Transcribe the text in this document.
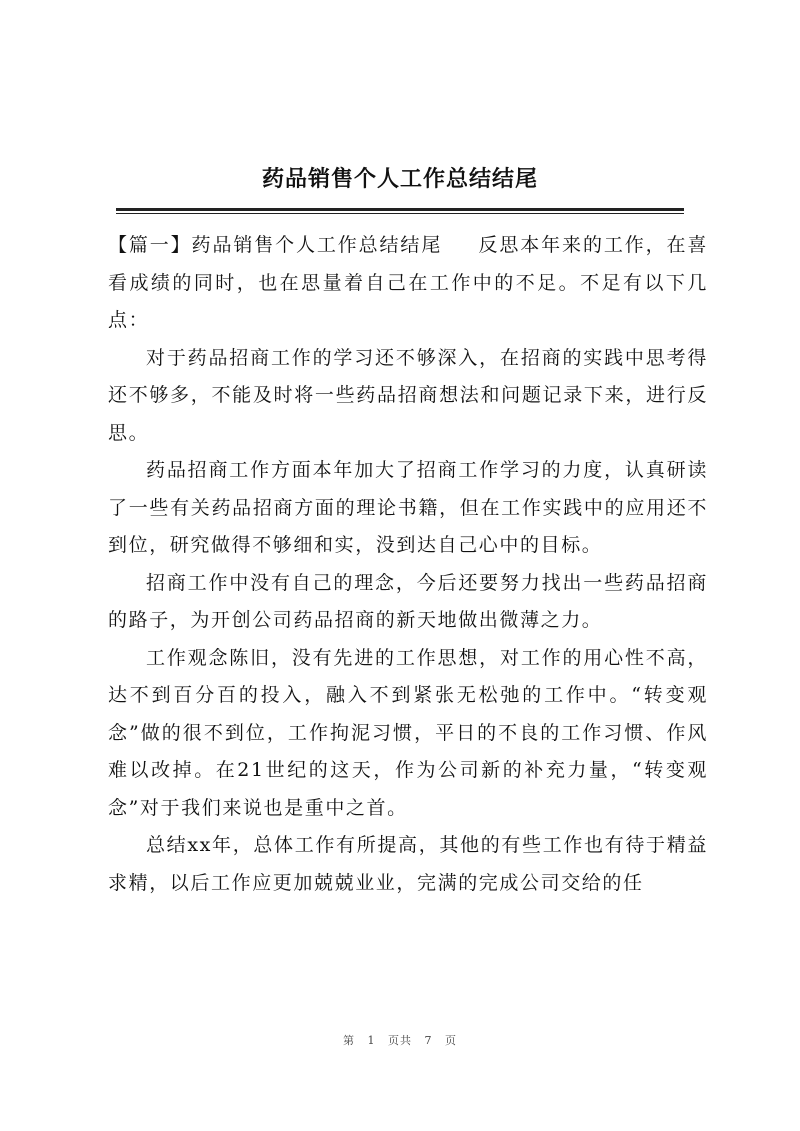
药品销售个人工作总结结尾

【篇一】药品销售个人工作总结结尾 反思本年来的工作，在喜看成绩的同时，也在思量着自己在工作中的不足。不足有以下几点：

对于药品招商工作的学习还不够深入，在招商的实践中思考得还不够多，不能及时将一些药品招商想法和问题记录下来，进行反思。

药品招商工作方面本年加大了招商工作学习的力度，认真研读了一些有关药品招商方面的理论书籍，但在工作实践中的应用还不到位，研究做得不够细和实，没到达自己心中的目标。

招商工作中没有自己的理念，今后还要努力找出一些药品招商的路子，为开创公司药品招商的新天地做出微薄之力。

工作观念陈旧，没有先进的工作思想，对工作的用心性不高，达不到百分百的投入，融入不到紧张无松弛的工作中。“转变观念”做的很不到位，工作拘泥习惯，平日的不良的工作习惯、作风难以改掉。在21世纪的这天，作为公司新的补充力量，“转变观念”对于我们来说也是重中之首。

总结xx年，总体工作有所提高，其他的有些工作也有待于精益求精，以后工作应更加兢兢业业，完满的完成公司交给的任

第 1 页共 7 页
